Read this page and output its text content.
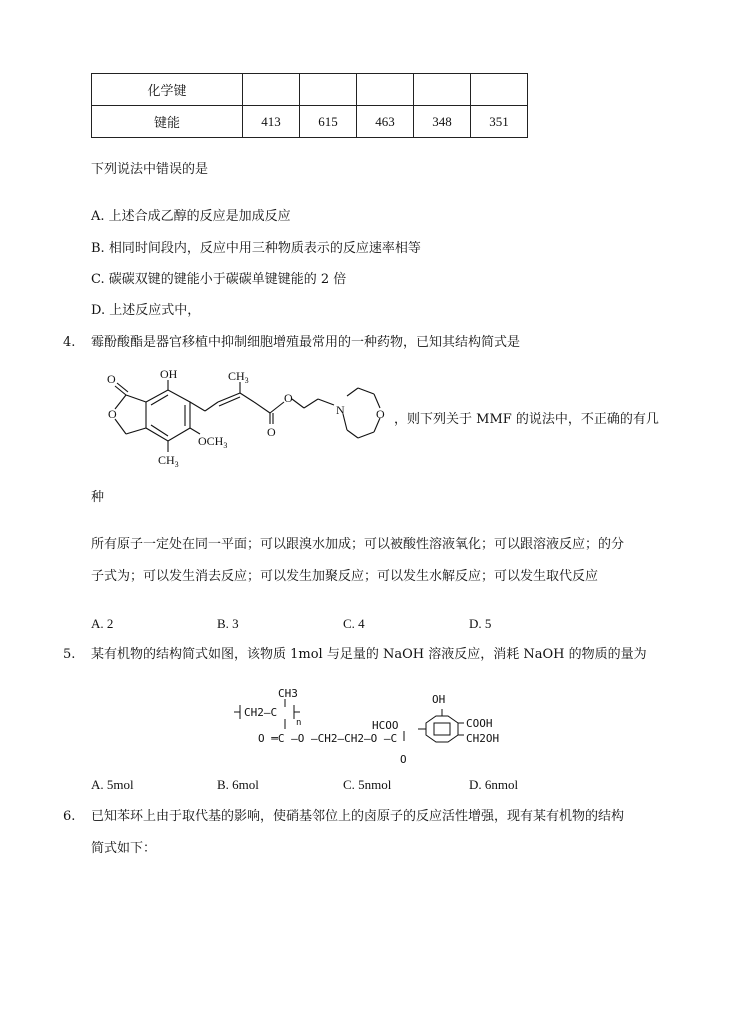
化学键					
键能	413	615	463	348	351
下列说法中错误的是
A. 上述合成乙醇的反应是加成反应
B. 相同时间段内，反应中用三种物质表示的反应速率相等
C. 碳碳双键的键能小于碳碳单键键能的 2 倍
D. 上述反应式中，
4. 霉酚酸酯是器官移植中抑制细胞增殖最常用的一种药物，已知其结构简式是
O
O	OH	$CH_3$
$OCH_3$
$CH_3$
O
O
N	O ，则下列关于 MMF 的说法中，不正确的有几
种
所有原子一定处在同一平面；可以跟溴水加成；可以被酸性溶液氧化；可以跟溶液反应；的分
子式为；可以发生消去反应；可以发生加聚反应；可以发生水解反应；可以发生取代反应
A. 2	B. 3	C. 4	D. 5
5. 某有机物的结构简式如图，该物质 1mol 与足量的 NaOH 溶液反应，消耗 NaOH 的物质的量为
CH3
CH2—C
n
O ═C —O —CH2—CH2—O —C
HCOO
O
OH
COOH
CH2OH
A. 5mol	B. 6mol	C. 5nmol	D. 6nmol
6. 已知苯环上由于取代基的影响，使硝基邻位上的卤原子的反应活性增强，现有某有机物的结构
简式如下：
